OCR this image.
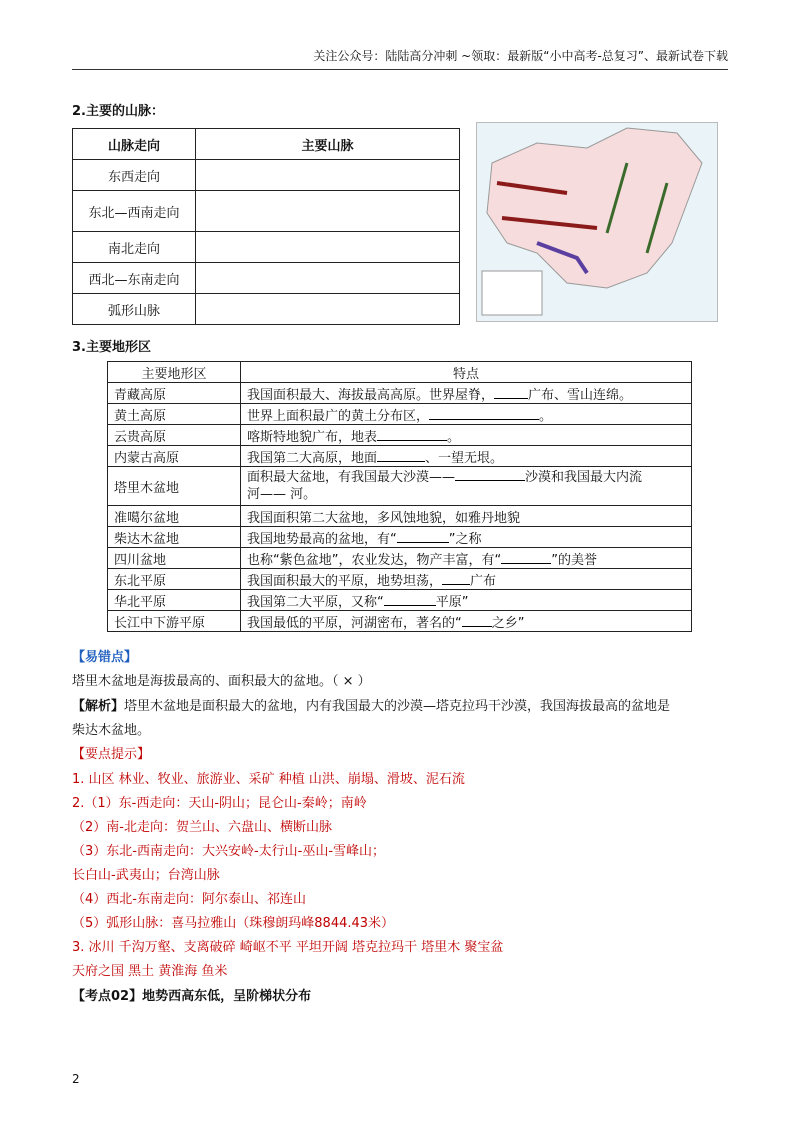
关注公众号：陆陆高分冲刺 ~领取：最新版“小中高考-总复习”、最新试卷下载
2.主要的山脉：
山脉走向	主要山脉
东西走向	
东北—西南走向	
南北走向	
西北—东南走向	
弧形山脉	
3.主要地形区
主要地形区	特点
青藏高原	我国面积最大、海拔最高高原。世界屋脊， 广布、雪山连绵。
黄土高原	世界上面积最广的黄土分布区， 。
云贵高原	喀斯特地貌广布，地表 。
内蒙古高原	我国第二大高原，地面 、一望无垠。
塔里木盆地	面积最大盆地，有我国最大沙漠—— 沙漠和我国最大内流
河—— 河。
准噶尔盆地	我国面积第二大盆地，多风蚀地貌，如雅丹地貌
柴达木盆地	我国地势最高的盆地，有“ ”之称
四川盆地	也称“紫色盆地”，农业发达，物产丰富，有“ ”的美誉
东北平原	我国面积最大的平原，地势坦荡， 广布
华北平原	我国第二大平原，又称“ 平原”
长江中下游平原	我国最低的平原，河湖密布，著名的“ 之乡”
【易错点】
塔里木盆地是海拔最高的、面积最大的盆地。（ × ）
【解析】塔里木盆地是面积最大的盆地，内有我国最大的沙漠—塔克拉玛干沙漠，我国海拔最高的盆地是
柴达木盆地。
【要点提示】
1. 山区 林业、牧业、旅游业、采矿 种植 山洪、崩塌、滑坡、泥石流
2.（1）东-西走向：天山-阴山；昆仑山-秦岭；南岭
（2）南-北走向：贺兰山、六盘山、横断山脉
（3）东北-西南走向：大兴安岭-太行山-巫山-雪峰山；
长白山-武夷山；台湾山脉
（4）西北-东南走向：阿尔泰山、祁连山
（5）弧形山脉：喜马拉雅山（珠穆朗玛峰8844.43米）
3. 冰川 千沟万壑、支离破碎 崎岖不平 平坦开阔 塔克拉玛干 塔里木 聚宝盆
天府之国 黑土 黄淮海 鱼米
【考点02】地势西高东低，呈阶梯状分布
2
